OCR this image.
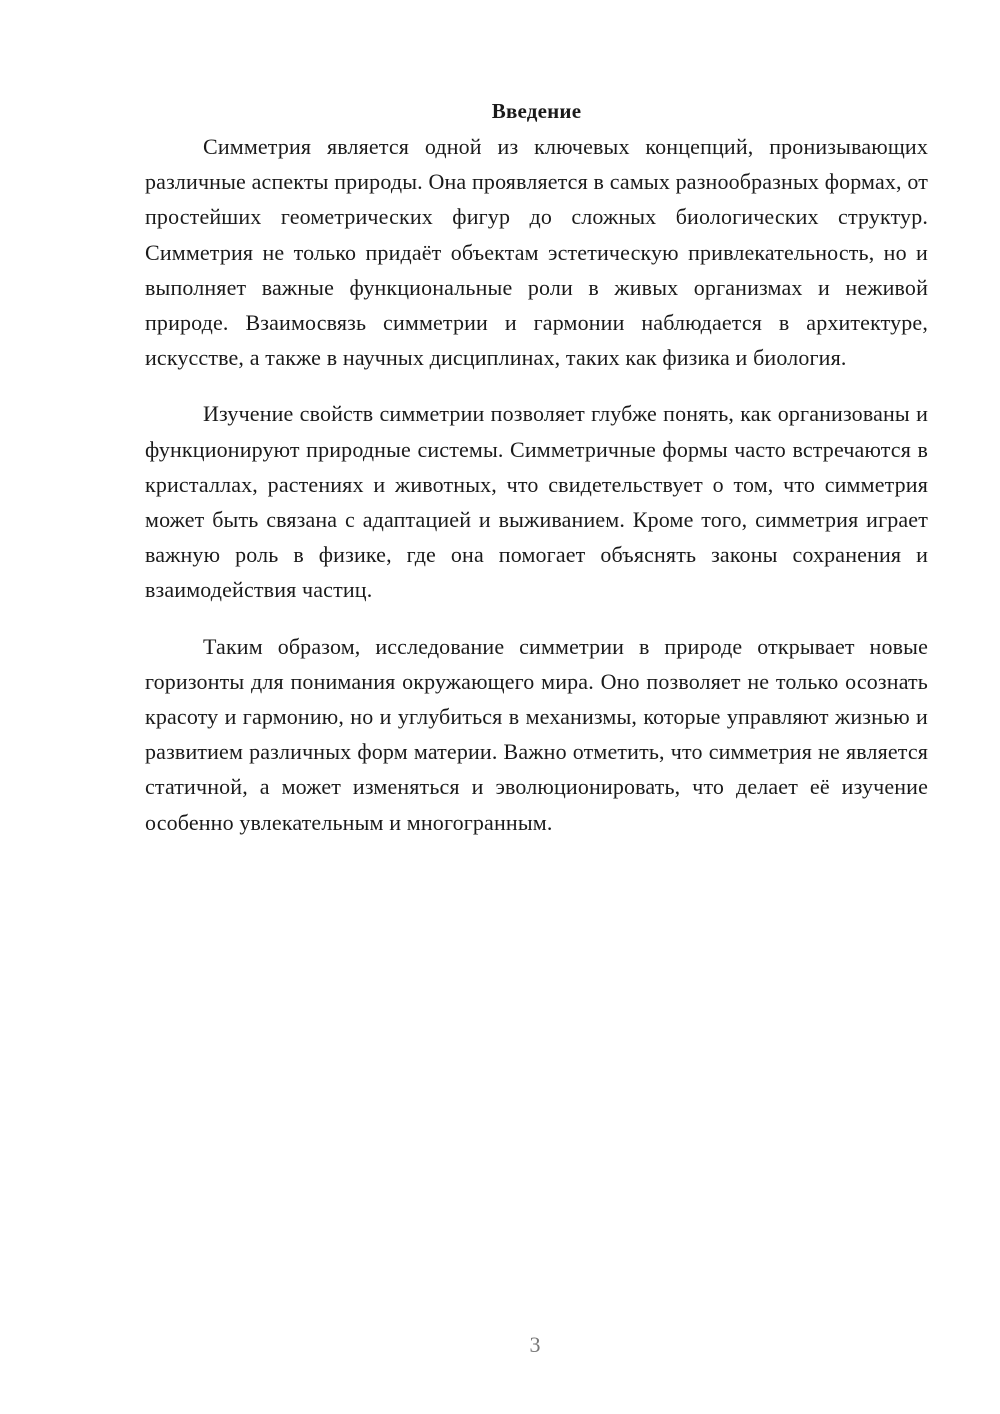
Введение

Симметрия является одной из ключевых концепций, пронизывающих различные аспекты природы. Она проявляется в самых разнообразных формах, от простейших геометрических фигур до сложных биологических структур. Симметрия не только придаёт объектам эстетическую привлекательность, но и выполняет важные функциональные роли в живых организмах и неживой природе. Взаимосвязь симметрии и гармонии наблюдается в архитектуре, искусстве, а также в научных дисциплинах, таких как физика и биология.

Изучение свойств симметрии позволяет глубже понять, как организованы и функционируют природные системы. Симметричные формы часто встречаются в кристаллах, растениях и животных, что свидетельствует о том, что симметрия может быть связана с адаптацией и выживанием. Кроме того, симметрия играет важную роль в физике, где она помогает объяснять законы сохранения и взаимодействия частиц.

Таким образом, исследование симметрии в природе открывает новые горизонты для понимания окружающего мира. Оно позволяет не только осознать красоту и гармонию, но и углубиться в механизмы, которые управляют жизнью и развитием различных форм материи. Важно отметить, что симметрия не является статичной, а может изменяться и эволюционировать, что делает её изучение особенно увлекательным и многогранным.

3
